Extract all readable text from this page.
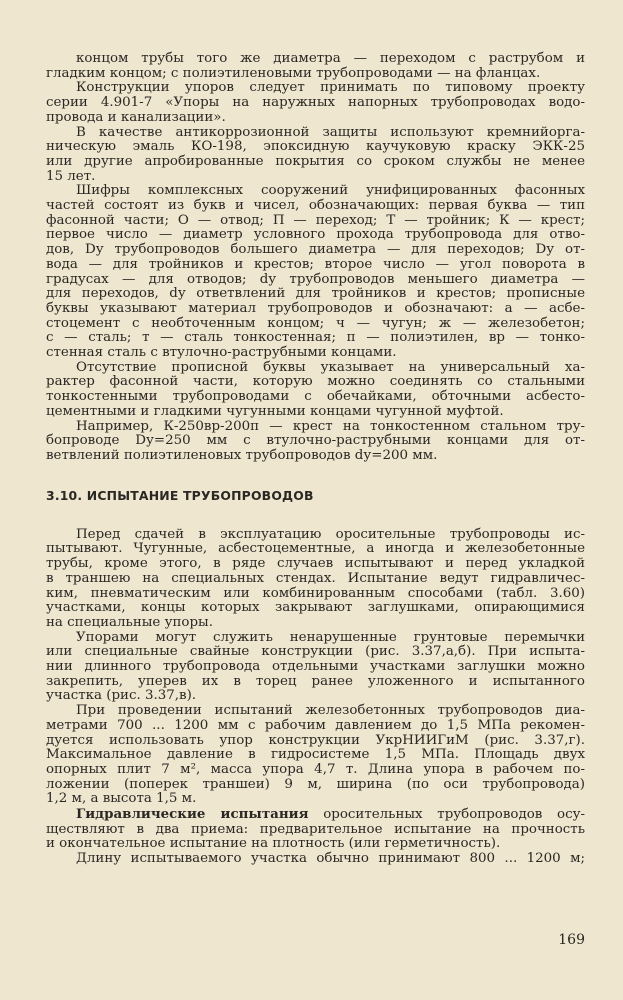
концом трубы того же диаметра — переходом с раструбом и
гладким концом; с полиэтиленовыми трубопроводами — на фланцах.
Конструкции упоров следует принимать по типовому проекту
серии 4.901-7 «Упоры на наружных напорных трубопроводах водо-
провода и канализации».
В качестве антикоррозионной защиты используют кремнийорга-
ническую эмаль КО-198, эпоксидную каучуковую краску ЭКК-25
или другие апробированные покрытия со сроком службы не менее
15 лет.
Шифры комплексных сооружений унифицированных фасонных
частей состоят из букв и чисел, обозначающих: первая буква — тип
фасонной части; О — отвод; П — переход; Т — тройник; К — крест;
первое число — диаметр условного прохода трубопровода для отво-
дов, Dу трубопроводов большего диаметра — для переходов; Dу от-
вода — для тройников и крестов; второе число — угол поворота в
градусах — для отводов; dу трубопроводов меньшего диаметра —
для переходов, dу ответвлений для тройников и крестов; прописные
буквы указывают материал трубопроводов и обозначают: а — асбе-
стоцемент с необточенным концом; ч — чугун; ж — железобетон;
с — сталь; т — сталь тонкостенная; п — полиэтилен, вр — тонко-
стенная сталь с втулочно-раструбными концами.
Отсутствие прописной буквы указывает на универсальный ха-
рактер фасонной части, которую можно соединять со стальными
тонкостенными трубопроводами с обечайками, обточными асбесто-
цементными и гладкими чугунными концами чугунной муфтой.
Например, К-250вр-200п — крест на тонкостенном стальном тру-
бопроводе Dу=250 мм с втулочно-раструбными концами для от-
ветвлений полиэтиленовых трубопроводов dу=200 мм.
3.10. ИСПЫТАНИЕ ТРУБОПРОВОДОВ
Перед сдачей в эксплуатацию оросительные трубопроводы ис-
пытывают. Чугунные, асбестоцементные, а иногда и железобетонные
трубы, кроме этого, в ряде случаев испытывают и перед укладкой
в траншею на специальных стендах. Испытание ведут гидравличес-
ким, пневматическим или комбинированным способами (табл. 3.60)
участками, концы которых закрывают заглушками, опирающимися
на специальные упоры.
Упорами могут служить ненарушенные грунтовые перемычки
или специальные свайные конструкции (рис. 3.37,а,б). При испыта-
нии длинного трубопровода отдельными участками заглушки можно
закрепить, уперев их в торец ранее уложенного и испытанного
участка (рис. 3.37,в).
При проведении испытаний железобетонных трубопроводов диа-
метрами 700 ... 1200 мм с рабочим давлением до 1,5 МПа рекомен-
дуется использовать упор конструкции УкрНИИГиМ (рис. 3.37,г).
Максимальное давление в гидросистеме 1,5 МПа. Площадь двух
опорных плит 7 м², масса упора 4,7 т. Длина упора в рабочем по-
ложении (поперек траншеи) 9 м, ширина (по оси трубопровода)
1,2 м, а высота 1,5 м.
Гидравлические испытания оросительных трубопроводов осу-
ществляют в два приема: предварительное испытание на прочность
и окончательное испытание на плотность (или герметичность).
Длину испытываемого участка обычно принимают 800 ... 1200 м;
169
